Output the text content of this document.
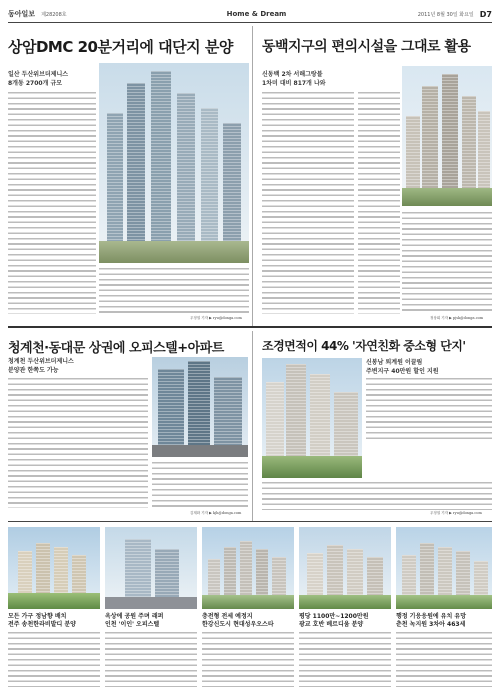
동아일보 제28208호	Home & Dream	2011년 8월 30일 화요일 D7
상암DMC 20분거리에 대단지 분양
일산 두산위브더제니스
8개동 2700개 규모
우정열 기자 ▶ ryu@donga.com
동백지구의 편의시설을 그대로 활용
신동백 2차 서해그랑블
1차미 대비 817개 나와
정상회 기자 ▶ pjsk@donga.com
청계천·동대문 상권에 오피스텔+아파트
청계천 두산위브더제니스
분양관 한쪽도 가능
김재화 기자 ▶ kjh@donga.com
조경면적이 44% '자연친화 중소형 단지'
신봉남 퇴계원 이끌림
주변지구 40만원 할인 지원
우정열 기자 ▶ ryu@donga.com
모든 가구 정남향 배치
전주 송천한라비발디 분양
옥상에 공원 주며 래퍼
인천 '이인' 오피스텔
충전형 전세 예정지
한강신도시 현대성우오스타
평당 1100만~1200만원
광교 호반 베르디움 분양
행정 기응응원에 유치 유망
춘천 녹지원 3차아 463세
